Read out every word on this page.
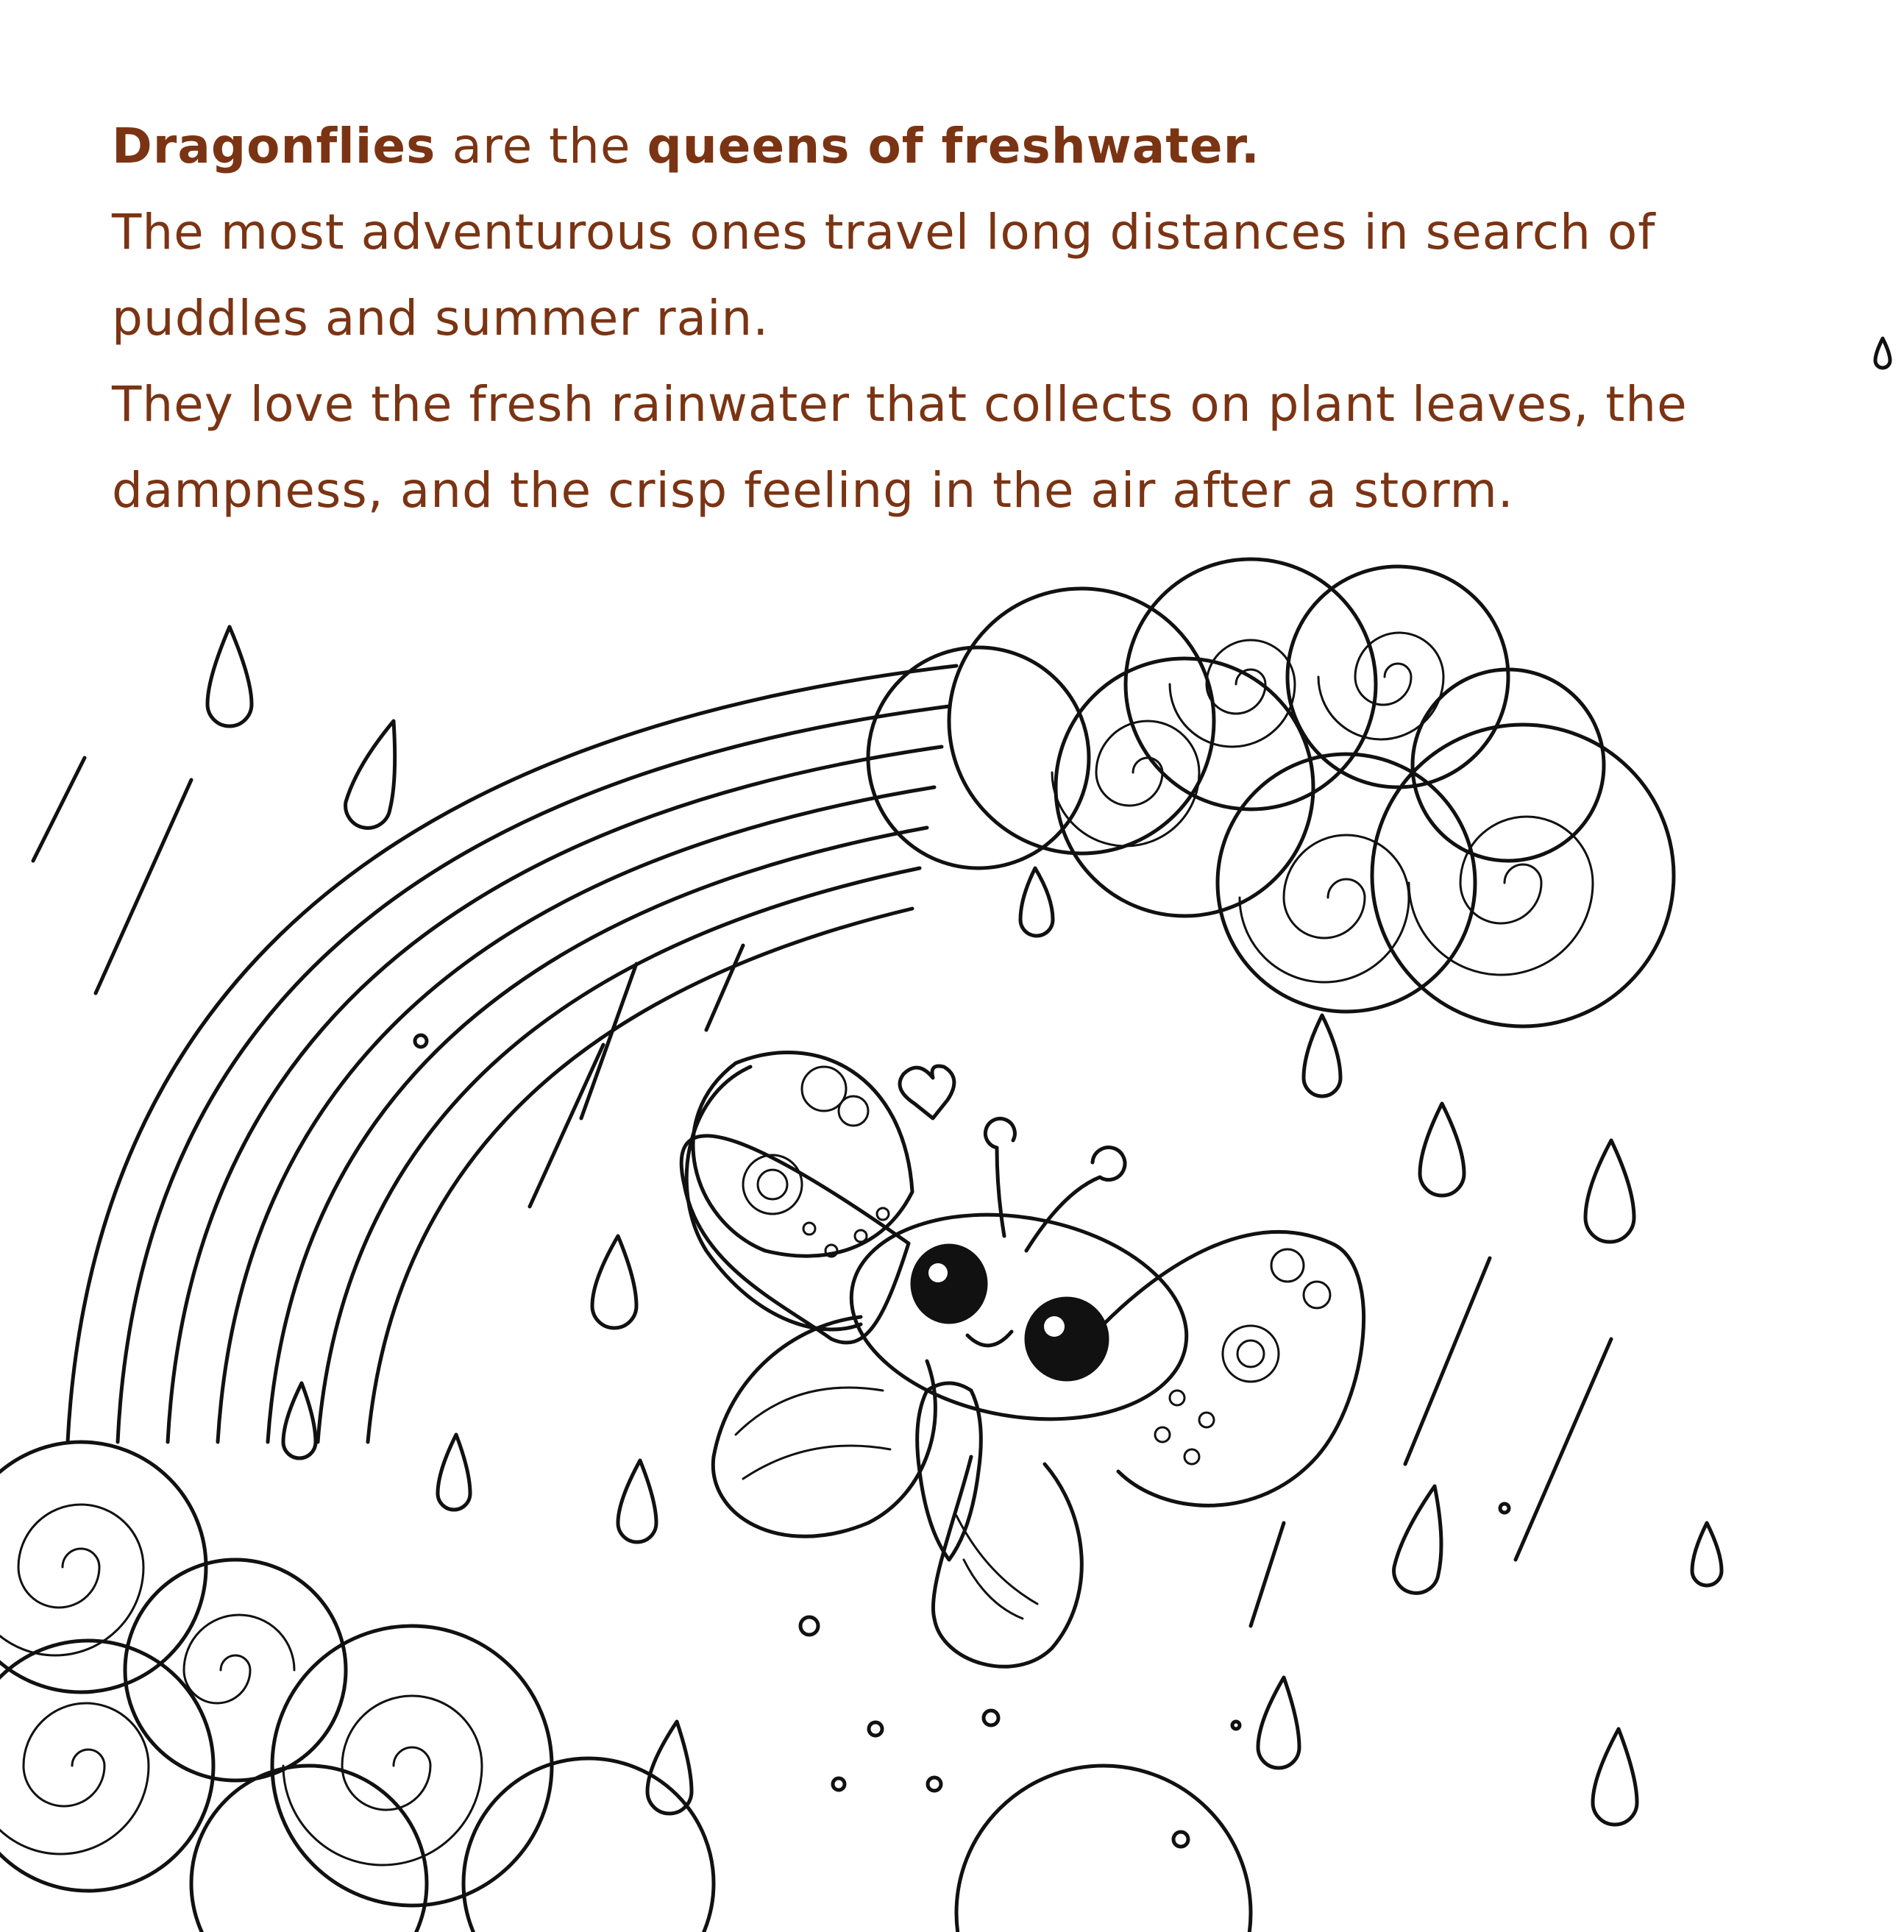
Dragonflies are the queens of freshwater.

The most adventurous ones travel long distances in search of

puddles and summer rain.

They love the fresh rainwater that collects on plant leaves, the

dampness, and the crisp feeling in the air after a storm.
